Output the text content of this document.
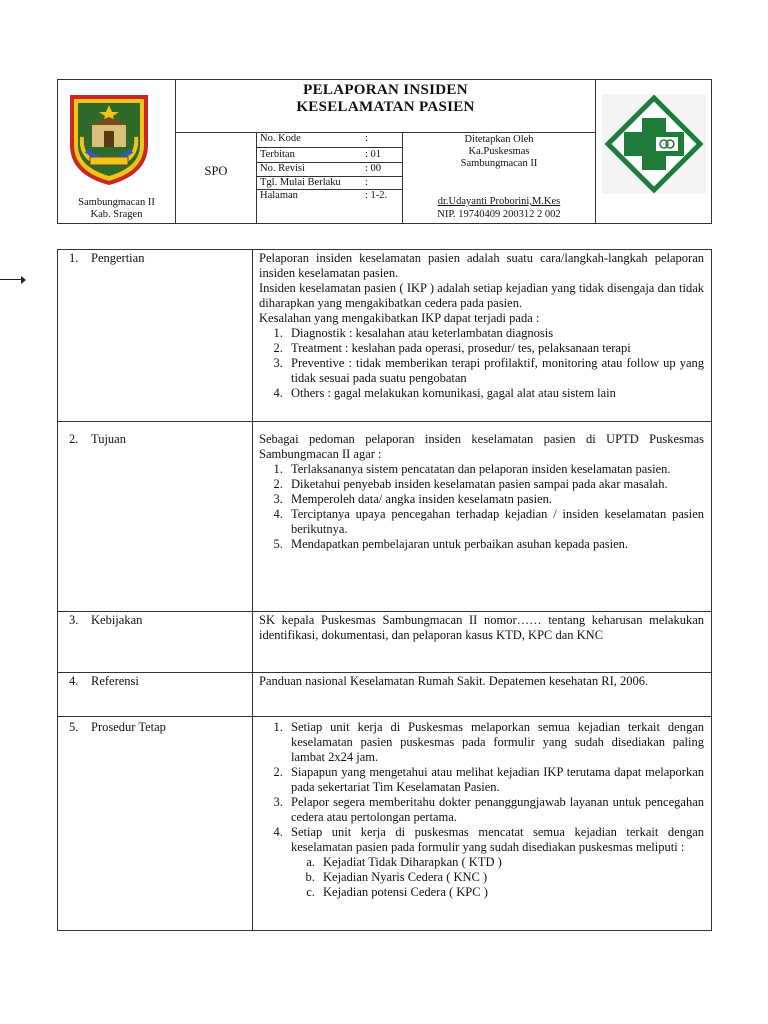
Sambungmacan II
Kab. Sragen
PELAPORAN INSIDEN
KESELAMATAN PASIEN
SPO
No. Kode	:
Terbitan	: 01
No. Revisi	: 00
Tgl. Mulai Berlaku :
Halaman	: 1-2.
Ditetapkan Oleh
Ka.Puskesmas
Sambungmacan II
dr.Udayanti Proborini,M.Kes
NIP. 19740409 200312 2 002
1. Pengertian	Pelaporan insiden keselamatan pasien adalah suatu cara/langkah-langkah pelaporan insiden keselamatan pasien.

Insiden keselamatan pasien ( IKP ) adalah setiap kejadian yang tidak disengaja dan tidak diharapkan yang mengakibatkan cedera pada pasien.

Kesalahan yang mengakibatkan IKP dapat terjadi pada :

1. Diagnostik : kesalahan atau keterlambatan diagnosis
2. Treatment : keslahan pada operasi, prosedur/ tes, pelaksanaan terapi
3. Preventive : tidak memberikan terapi profilaktif, monitoring atau follow up yang tidak sesuai pada suatu pengobatan
4. Others : gagal melakukan komunikasi, gagal alat atau sistem lain
2. Tujuan	Sebagai pedoman pelaporan insiden keselamatan pasien di UPTD Puskesmas Sambungmacan II agar :

1. Terlaksananya sistem pencatatan dan pelaporan insiden keselamatan pasien.
2. Diketahui penyebab insiden keselamatan pasien sampai pada akar masalah.
3. Memperoleh data/ angka insiden keselamatn pasien.
4. Terciptanya upaya pencegahan terhadap kejadian / insiden keselamatan pasien berikutnya.
5. Mendapatkan pembelajaran untuk perbaikan asuhan kepada pasien.
3. Kebijakan	SK kepala Puskesmas Sambungmacan II nomor…… tentang keharusan melakukan identifikasi, dokumentasi, dan pelaporan kasus KTD, KPC dan KNC

4. Referensi	Panduan nasional Keselamatan Rumah Sakit. Depatemen kesehatan RI, 2006.

5. Prosedur Tetap
1.	Setiap unit kerja di Puskesmas melaporkan semua kejadian terkait dengan keselamatan pasien puskesmas pada formulir yang sudah disediakan paling lambat 2x24 jam.
2. Siapapun yang mengetahui atau melihat kejadian IKP terutama dapat melaporkan pada sekertariat Tim Keselamatan Pasien.
3. Pelapor segera memberitahu dokter penanggungjawab layanan untuk pencegahan cedera atau pertolongan pertama.
4. Setiap unit kerja di puskesmas mencatat semua kejadian terkait dengan keselamatan pasien pada formulir yang sudah disediakan puskesmas meliputi :
a. Kejadiat Tidak Diharapkan ( KTD )
b. Kejadian Nyaris Cedera ( KNC )
c. Kejadian potensi Cedera ( KPC )
